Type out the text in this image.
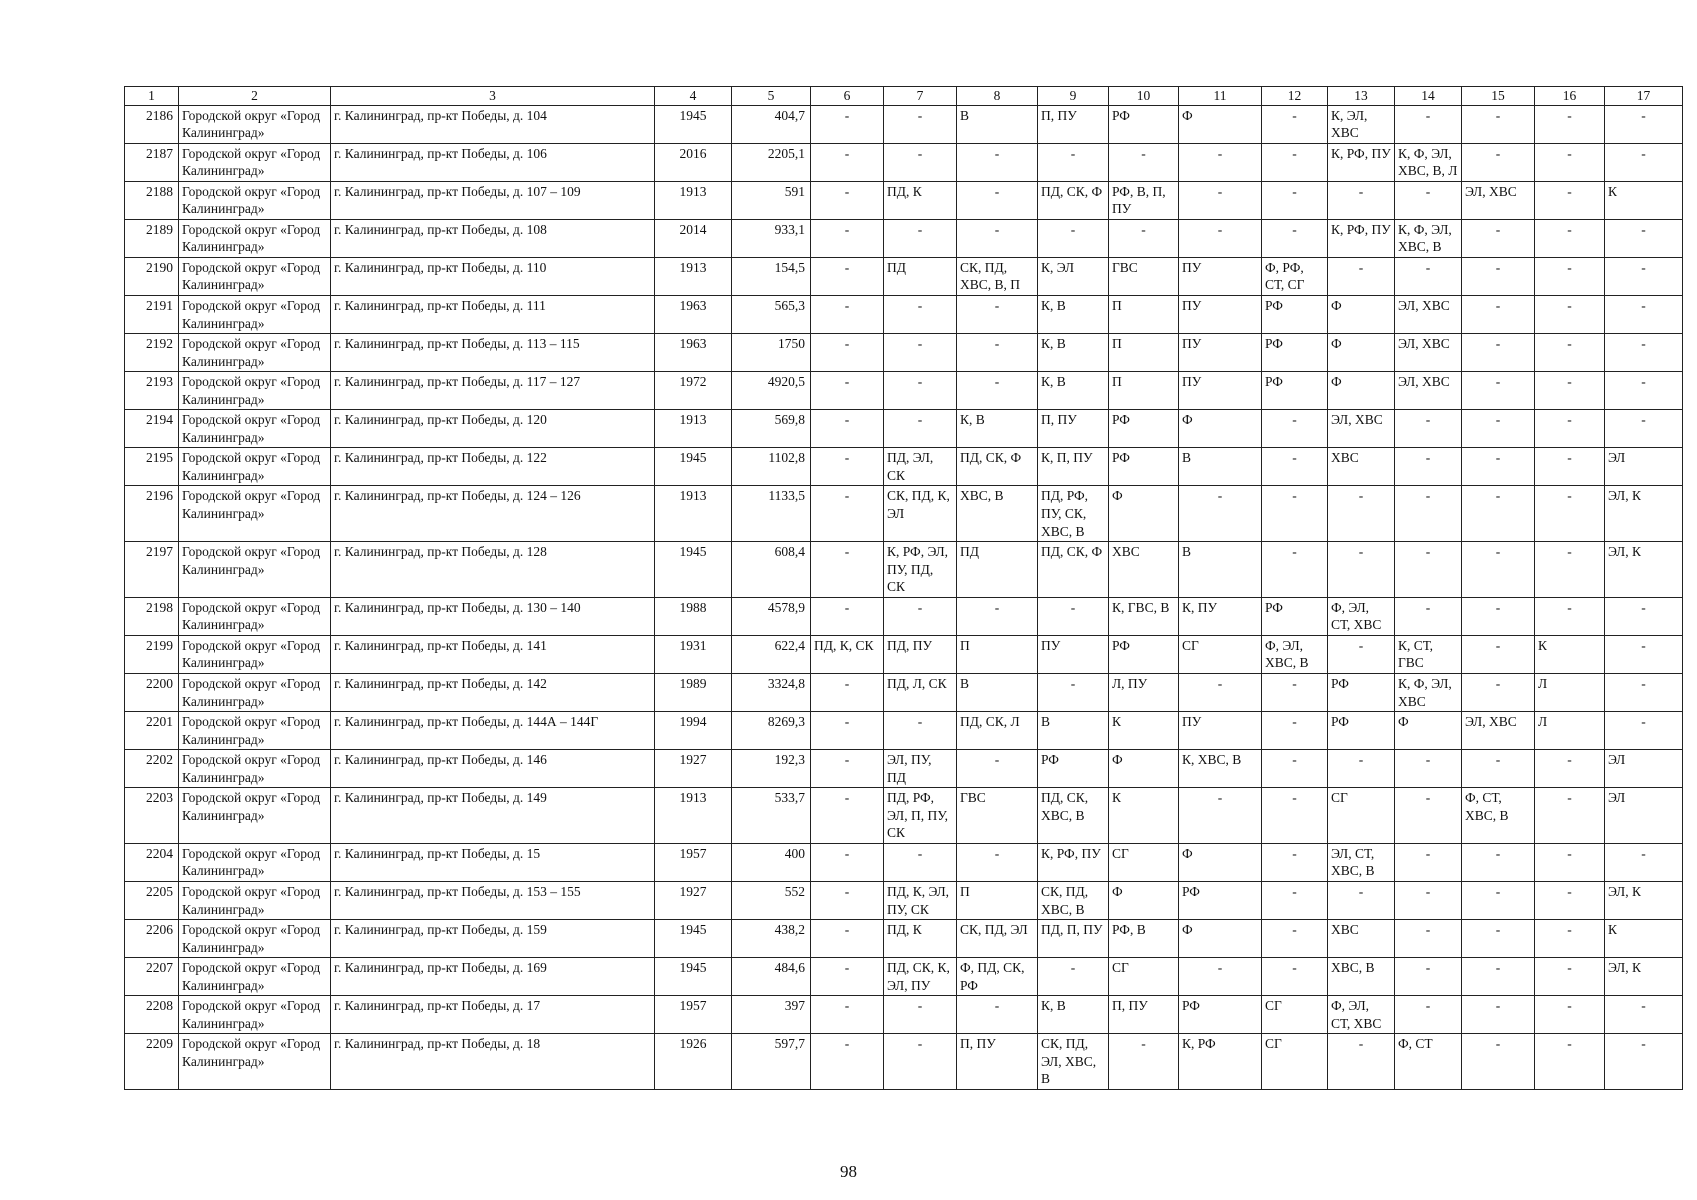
1	2	3	4	5	6	7	8	9	10	11	12	13	14	15	16	17
2186	Городской округ «Город Калининград»	г. Калининград, пр-кт Победы, д. 104	1945	404,7	-	-	В	П, ПУ	РФ	Ф	-	К, ЭЛ, ХВС	-	-	-	-
2187	Городской округ «Город Калининград»	г. Калининград, пр-кт Победы, д. 106	2016	2205,1	-	-	-	-	-	-	-	К, РФ, ПУ	К, Ф, ЭЛ, ХВС, В, Л	-	-	-
2188	Городской округ «Город Калининград»	г. Калининград, пр-кт Победы, д. 107 – 109	1913	591	-	ПД, К	-	ПД, СК, Ф	РФ, В, П, ПУ	-	-	-	-	ЭЛ, ХВС	-	К
2189	Городской округ «Город Калининград»	г. Калининград, пр-кт Победы, д. 108	2014	933,1	-	-	-	-	-	-	-	К, РФ, ПУ	К, Ф, ЭЛ, ХВС, В	-	-	-
2190	Городской округ «Город Калининград»	г. Калининград, пр-кт Победы, д. 110	1913	154,5	-	ПД	СК, ПД, ХВС, В, П	К, ЭЛ	ГВС	ПУ	Ф, РФ, СТ, СГ	-	-	-	-	-
2191	Городской округ «Город Калининград»	г. Калининград, пр-кт Победы, д. 111	1963	565,3	-	-	-	К, В	П	ПУ	РФ	Ф	ЭЛ, ХВС	-	-	-
2192	Городской округ «Город Калининград»	г. Калининград, пр-кт Победы, д. 113 – 115	1963	1750	-	-	-	К, В	П	ПУ	РФ	Ф	ЭЛ, ХВС	-	-	-
2193	Городской округ «Город Калининград»	г. Калининград, пр-кт Победы, д. 117 – 127	1972	4920,5	-	-	-	К, В	П	ПУ	РФ	Ф	ЭЛ, ХВС	-	-	-
2194	Городской округ «Город Калининград»	г. Калининград, пр-кт Победы, д. 120	1913	569,8	-	-	К, В	П, ПУ	РФ	Ф	-	ЭЛ, ХВС	-	-	-	-
2195	Городской округ «Город Калининград»	г. Калининград, пр-кт Победы, д. 122	1945	1102,8	-	ПД, ЭЛ, СК	ПД, СК, Ф	К, П, ПУ	РФ	В	-	ХВС	-	-	-	ЭЛ
2196	Городской округ «Город Калининград»	г. Калининград, пр-кт Победы, д. 124 – 126	1913	1133,5	-	СК, ПД, К, ЭЛ	ХВС, В	ПД, РФ, ПУ, СК, ХВС, В	Ф	-	-	-	-	-	-	ЭЛ, К
2197	Городской округ «Город Калининград»	г. Калининград, пр-кт Победы, д. 128	1945	608,4	-	К, РФ, ЭЛ, ПУ, ПД, СК	ПД	ПД, СК, Ф	ХВС	В	-	-	-	-	-	ЭЛ, К
2198	Городской округ «Город Калининград»	г. Калининград, пр-кт Победы, д. 130 – 140	1988	4578,9	-	-	-	-	К, ГВС, В	К, ПУ	РФ	Ф, ЭЛ, СТ, ХВС	-	-	-	-
2199	Городской округ «Город Калининград»	г. Калининград, пр-кт Победы, д. 141	1931	622,4	ПД, К, СК	ПД, ПУ	П	ПУ	РФ	СГ	Ф, ЭЛ, ХВС, В	-	К, СТ, ГВС	-	К	-
2200	Городской округ «Город Калининград»	г. Калининград, пр-кт Победы, д. 142	1989	3324,8	-	ПД, Л, СК	В	-	Л, ПУ	-	-	РФ	К, Ф, ЭЛ, ХВС	-	Л	-
2201	Городской округ «Город Калининград»	г. Калининград, пр-кт Победы, д. 144А – 144Г	1994	8269,3	-	-	ПД, СК, Л	В	К	ПУ	-	РФ	Ф	ЭЛ, ХВС	Л	-
2202	Городской округ «Город Калининград»	г. Калининград, пр-кт Победы, д. 146	1927	192,3	-	ЭЛ, ПУ, ПД	-	РФ	Ф	К, ХВС, В	-	-	-	-	-	ЭЛ
2203	Городской округ «Город Калининград»	г. Калининград, пр-кт Победы, д. 149	1913	533,7	-	ПД, РФ, ЭЛ, П, ПУ, СК	ГВС	ПД, СК, ХВС, В	К	-	-	СГ	-	Ф, СТ, ХВС, В	-	ЭЛ
2204	Городской округ «Город Калининград»	г. Калининград, пр-кт Победы, д. 15	1957	400	-	-	-	К, РФ, ПУ	СГ	Ф	-	ЭЛ, СТ, ХВС, В	-	-	-	-
2205	Городской округ «Город Калининград»	г. Калининград, пр-кт Победы, д. 153 – 155	1927	552	-	ПД, К, ЭЛ, ПУ, СК	П	СК, ПД, ХВС, В	Ф	РФ	-	-	-	-	-	ЭЛ, К
2206	Городской округ «Город Калининград»	г. Калининград, пр-кт Победы, д. 159	1945	438,2	-	ПД, К	СК, ПД, ЭЛ	ПД, П, ПУ	РФ, В	Ф	-	ХВС	-	-	-	К
2207	Городской округ «Город Калининград»	г. Калининград, пр-кт Победы, д. 169	1945	484,6	-	ПД, СК, К, ЭЛ, ПУ	Ф, ПД, СК, РФ	-	СГ	-	-	ХВС, В	-	-	-	ЭЛ, К
2208	Городской округ «Город Калининград»	г. Калининград, пр-кт Победы, д. 17	1957	397	-	-	-	К, В	П, ПУ	РФ	СГ	Ф, ЭЛ, СТ, ХВС	-	-	-	-
2209	Городской округ «Город Калининград»	г. Калининград, пр-кт Победы, д. 18	1926	597,7	-	-	П, ПУ	СК, ПД, ЭЛ, ХВС, В	-	К, РФ	СГ	-	Ф, СТ	-	-	-
98
